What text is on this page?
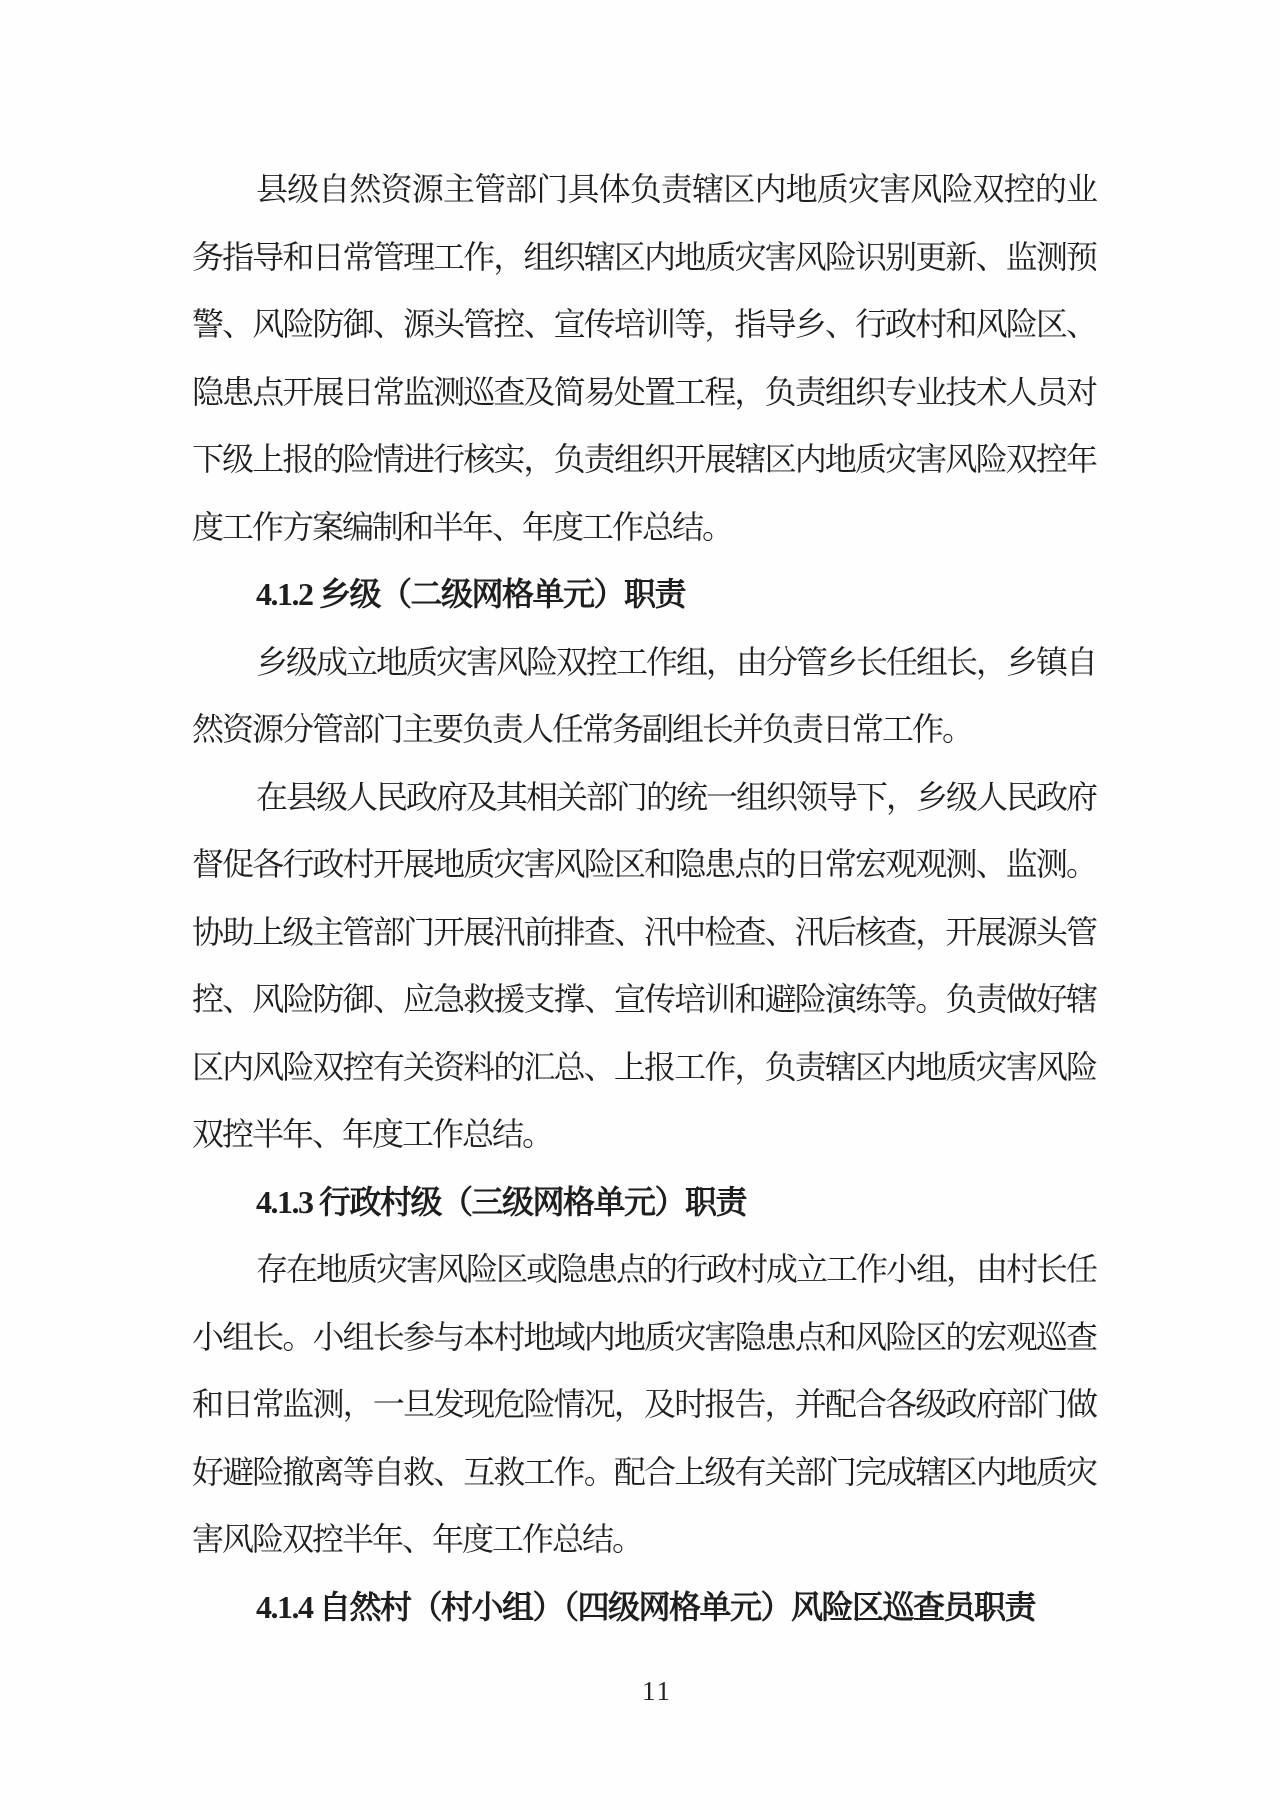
县级自然资源主管部门具体负责辖区内地质灾害风险双控的业
务指导和日常管理工作，组织辖区内地质灾害风险识别更新、监测预
警、风险防御、源头管控、宣传培训等，指导乡、行政村和风险区、
隐患点开展日常监测巡查及简易处置工程，负责组织专业技术人员对
下级上报的险情进行核实，负责组织开展辖区内地质灾害风险双控年
度工作方案编制和半年、年度工作总结。
4.1.2 乡级（二级网格单元）职责
乡级成立地质灾害风险双控工作组，由分管乡长任组长，乡镇自
然资源分管部门主要负责人任常务副组长并负责日常工作。
在县级人民政府及其相关部门的统一组织领导下，乡级人民政府
督促各行政村开展地质灾害风险区和隐患点的日常宏观观测、监测。
协助上级主管部门开展汛前排查、汛中检查、汛后核查，开展源头管
控、风险防御、应急救援支撑、宣传培训和避险演练等。负责做好辖
区内风险双控有关资料的汇总、上报工作，负责辖区内地质灾害风险
双控半年、年度工作总结。
4.1.3 行政村级（三级网格单元）职责
存在地质灾害风险区或隐患点的行政村成立工作小组，由村长任
小组长。小组长参与本村地域内地质灾害隐患点和风险区的宏观巡查
和日常监测，一旦发现危险情况，及时报告，并配合各级政府部门做
好避险撤离等自救、互救工作。配合上级有关部门完成辖区内地质灾
害风险双控半年、年度工作总结。
4.1.4 自然村（村小组）（四级网格单元）风险区巡查员职责
11
